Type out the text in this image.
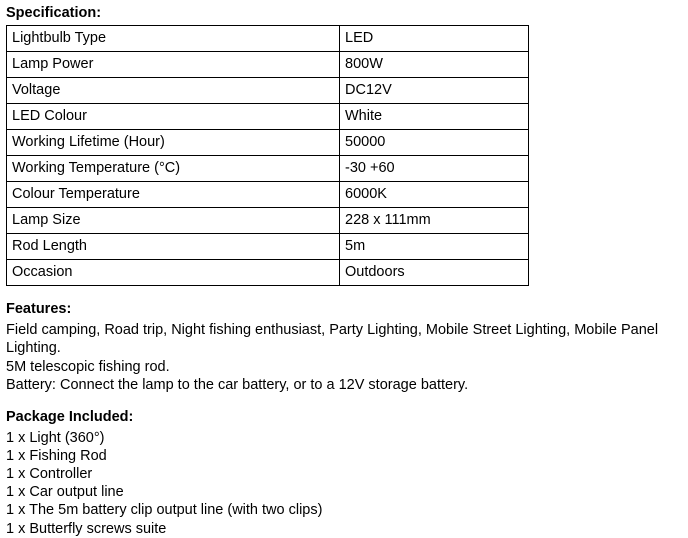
Specification:
Lightbulb Type	LED
Lamp Power	800W
Voltage	DC12V
LED Colour	White
Working Lifetime (Hour)	50000
Working Temperature (°C)	-30 +60
Colour Temperature	6000K
Lamp Size	228 x 111mm
Rod Length	5m
Occasion	Outdoors
Features:

Field camping, Road trip, Night fishing enthusiast, Party Lighting, Mobile Street Lighting, Mobile Panel Lighting.

5M telescopic fishing rod.

Battery: Connect the lamp to the car battery, or to a 12V storage battery.

Package Included:
1 x Light (360°)
1 x Fishing Rod
1 x Controller
1 x Car output line
1 x The 5m battery clip output line (with two clips)
1 x Butterfly screws suite
